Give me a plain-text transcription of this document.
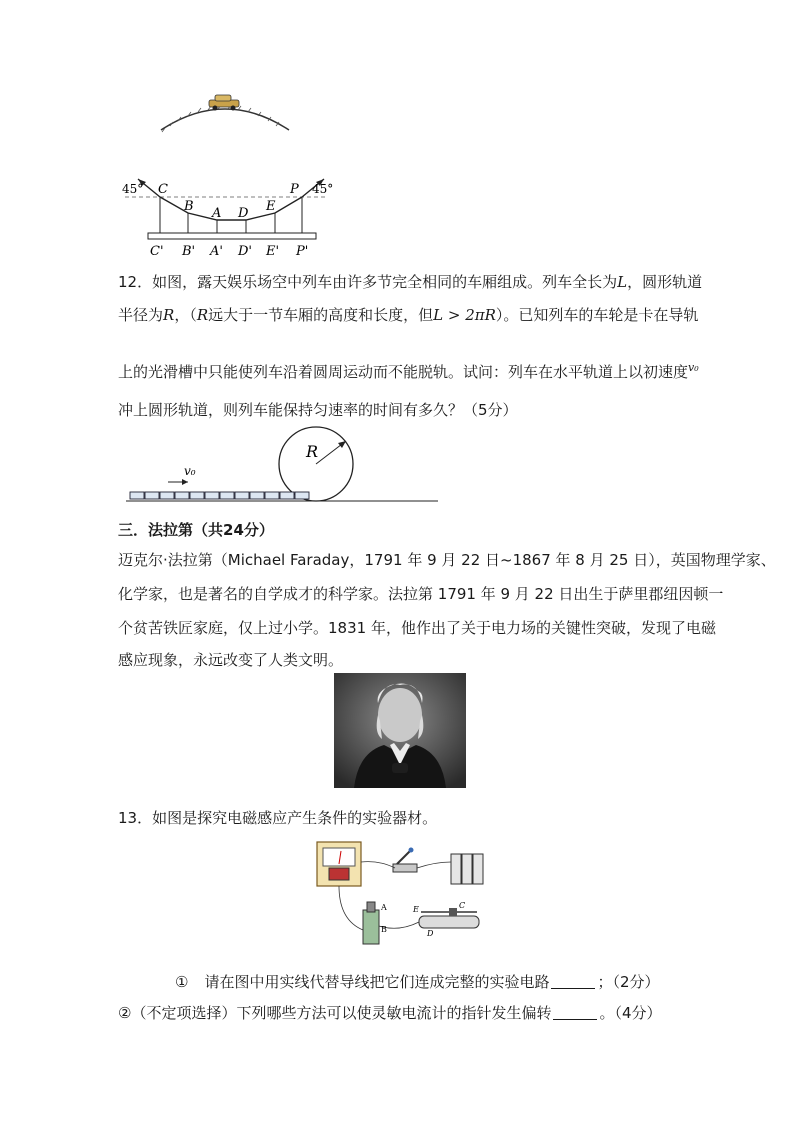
45°	45°
C
B A D E
P
C' B' A' D' E' P'
12．如图，露天娱乐场空中列车由许多节完全相同的车厢组成。列车全长为L，圆形轨道
半径为R，（R远大于一节车厢的高度和长度，但L > 2πR）。已知列车的车轮是卡在导轨
上的光滑槽中只能使列车沿着圆周运动而不能脱轨。试问：列车在水平轨道上以初速度$^{v_0}$
冲上圆形轨道，则列车能保持匀速率的时间有多久？（5分）
R
v₀
三．法拉第（共24分）
迈克尔·法拉第（Michael Faraday，1791 年 9 月 22 日~1867 年 8 月 25 日），英国物理学家、
化学家，也是著名的自学成才的科学家。法拉第 1791 年 9 月 22 日出生于萨里郡纽因顿一
个贫苦铁匠家庭，仅上过小学。1831 年，他作出了关于电力场的关键性突破，发现了电磁
感应现象，永远改变了人类文明。
13．如图是探究电磁感应产生条件的实验器材。
A
B
E	C
D
① 请在图中用实线代替导线把它们连成完整的实验电路	；（2分）
②（不定项选择）下列哪些方法可以使灵敏电流计的指针发生偏转	。（4分）
